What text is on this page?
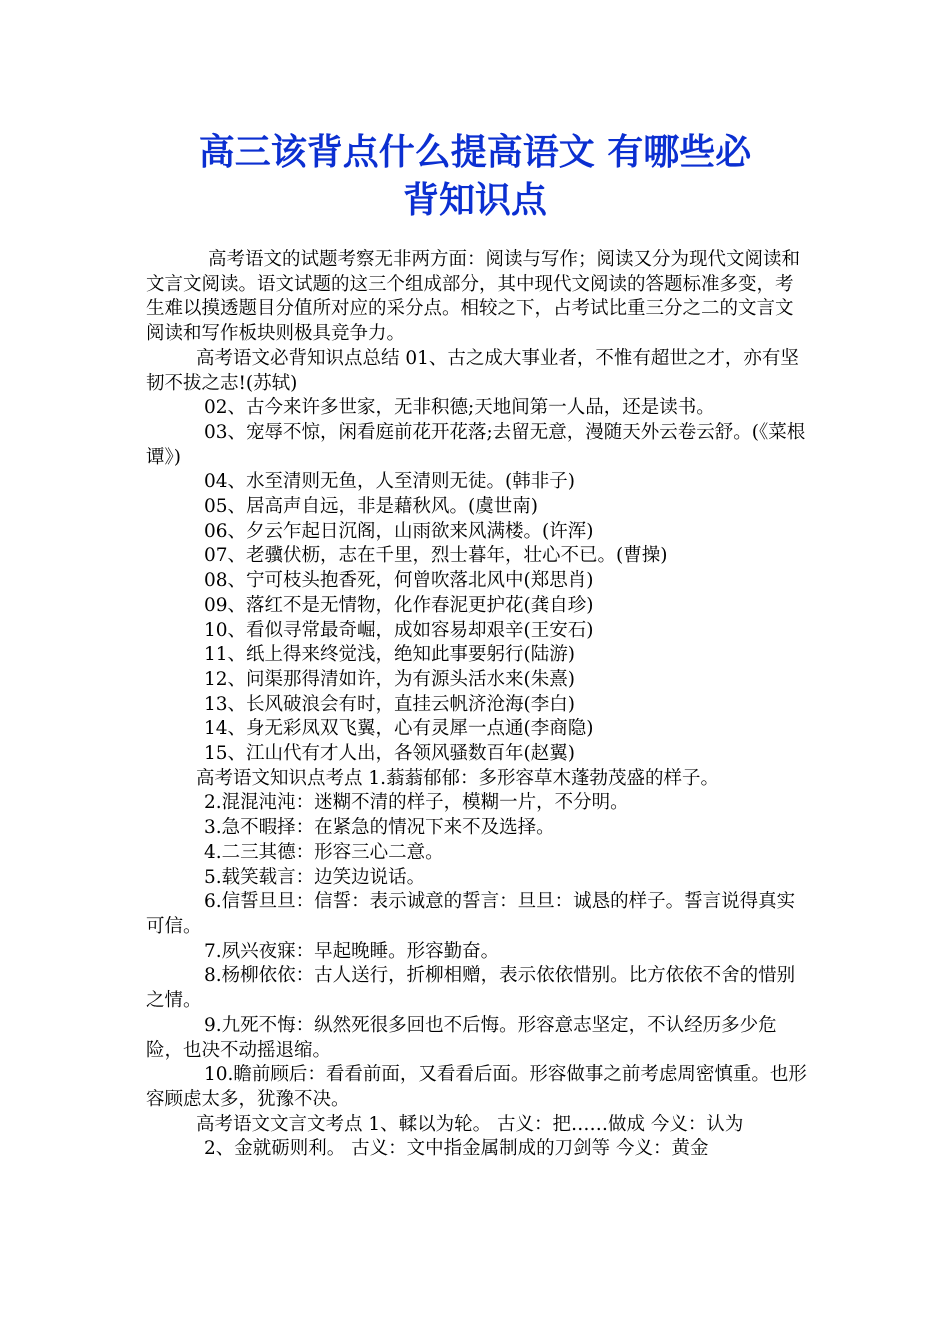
高三该背点什么提高语文 有哪些必
背知识点

高考语文的试题考察无非两方面：阅读与写作；阅读又分为现代文阅读和文言文阅读。语文试题的这三个组成部分，其中现代文阅读的答题标准多变，考生难以摸透题目分值所对应的采分点。相较之下，占考试比重三分之二的文言文阅读和写作板块则极具竞争力。

高考语文必背知识点总结 01、古之成大事业者，不惟有超世之才，亦有坚韧不拔之志!(苏轼)

02、古今来许多世家，无非积德;天地间第一人品，还是读书。

03、宠辱不惊，闲看庭前花开花落;去留无意，漫随天外云卷云舒。(《菜根谭》)

04、水至清则无鱼，人至清则无徒。(韩非子)

05、居高声自远，非是藉秋风。(虞世南)

06、夕云乍起日沉阁，山雨欲来风满楼。(许浑)

07、老骥伏枥，志在千里，烈士暮年，壮心不已。(曹操)

08、宁可枝头抱香死，何曾吹落北风中(郑思肖)

09、落红不是无情物，化作春泥更护花(龚自珍)

10、看似寻常最奇崛，成如容易却艰辛(王安石)

11、纸上得来终觉浅，绝知此事要躬行(陆游)

12、问渠那得清如许，为有源头活水来(朱熹)

13、长风破浪会有时，直挂云帆济沧海(李白)

14、身无彩凤双飞翼，心有灵犀一点通(李商隐)

15、江山代有才人出，各领风骚数百年(赵翼)

高考语文知识点考点 1.蓊蓊郁郁：多形容草木蓬勃茂盛的样子。

2.混混沌沌：迷糊不清的样子，模糊一片，不分明。

3.急不暇择：在紧急的情况下来不及选择。

4.二三其德：形容三心二意。

5.载笑载言：边笑边说话。

6.信誓旦旦：信誓：表示诚意的誓言：旦旦：诚恳的样子。誓言说得真实可信。

7.夙兴夜寐：早起晚睡。形容勤奋。

8.杨柳依依：古人送行，折柳相赠，表示依依惜别。比方依依不舍的惜别之情。

9.九死不悔：纵然死很多回也不后悔。形容意志坚定，不认经历多少危险，也决不动摇退缩。

10.瞻前顾后：看看前面，又看看后面。形容做事之前考虑周密慎重。也形容顾虑太多，犹豫不决。

高考语文文言文考点 1、輮以为轮。 古义：把……做成 今义：认为

2、金就砺则利。 古义：文中指金属制成的刀剑等 今义：黄金
